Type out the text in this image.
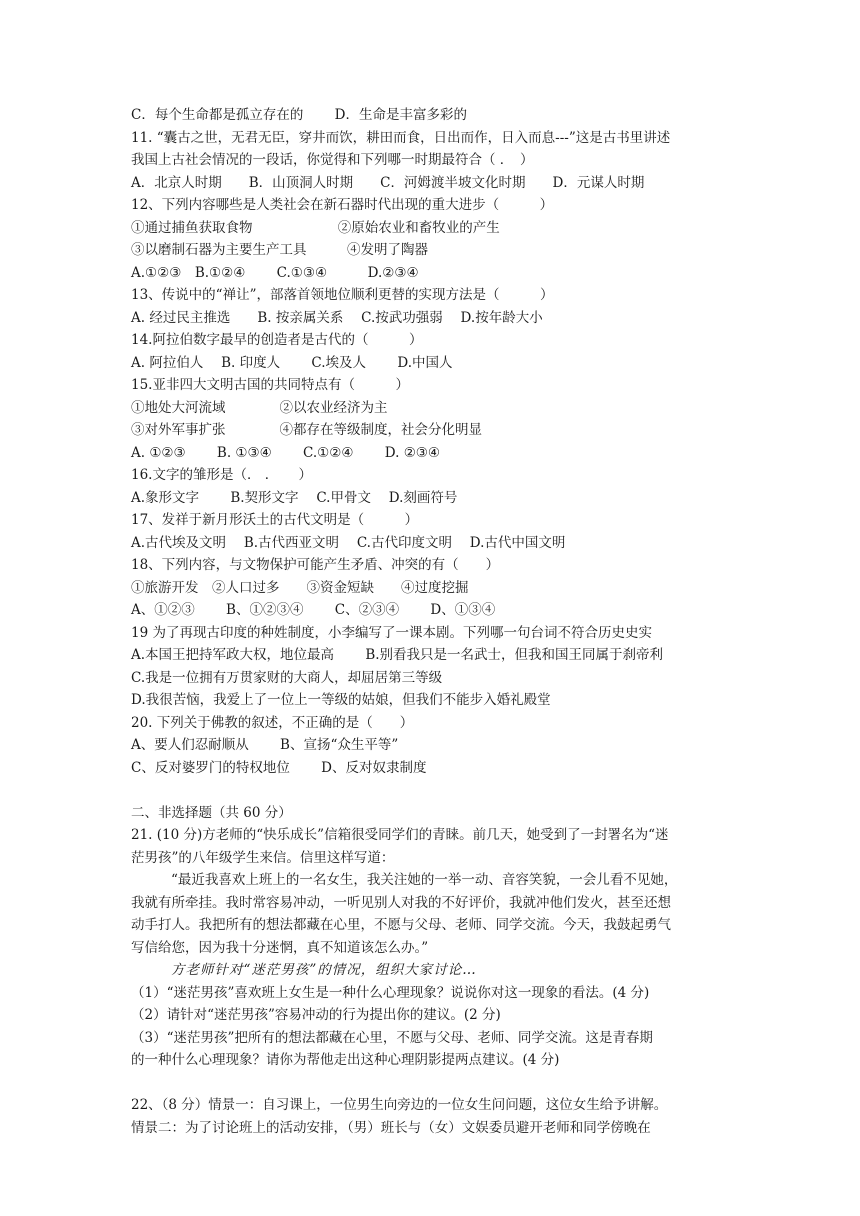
C．每个生命都是孤立存在的　　 D．生命是丰富多彩的
11. “囊古之世，无君无臣，穿井而饮，耕田而食，日出而作，日入而息---”这是古书里讲述
我国上古社会情况的一段话，你觉得和下列哪一时期最符合（ ．　）
A．北京人时期　　B．山顶洞人时期　　C．河姆渡半坡文化时期　　D．元谋人时期
12、下列内容哪些是人类社会在新石器时代出现的重大进步（　　　）
①通过捕鱼获取食物　　　　　　 ②原始农业和畜牧业的产生
③以磨制石器为主要生产工具　　　④发明了陶器
A.①②③　B.①②④　　 C.①③④　　　D.②③④
13、传说中的“禅让”，部落首领地位顺利更替的实现方法是（　　　）
A. 经过民主推选　　B. 按亲属关系　 C.按武功强弱　 D.按年龄大小
14.阿拉伯数字最早的创造者是古代的（　　　）
A. 阿拉伯人　 B. 印度人　　 C.埃及人　　 D.中国人
15.亚非四大文明古国的共同特点有（　　　）
①地处大河流域　　　　②以农业经济为主
③对外军事扩张　　　　④都存在等级制度，社会分化明显
A. ①②③　　 B. ①③④　　 C.①②④　　 D. ②③④
16.文字的雏形是（． ．　　）
A.象形文字　　 B.契形文字　 C.甲骨文　 D.刻画符号
17、发祥于新月形沃土的古代文明是（　　　）
A.古代埃及文明　 B.古代西亚文明　 C.古代印度文明　 D.古代中国文明
18、下列内容，与文物保护可能产生矛盾、冲突的有（　　）
①旅游开发　②人口过多　　③资金短缺　　④过度挖掘
A、①②③　　 B、①②③④　　 C、②③④　　 D、①③④
19 为了再现古印度的种姓制度，小李编写了一课本剧。下列哪一句台词不符合历史史实
A.本国王把持军政大权，地位最高　　 B.别看我只是一名武士，但我和国王同属于刹帝利
C.我是一位拥有万贯家财的大商人，却屈居第三等级
D.我很苦恼，我爱上了一位上一等级的姑娘，但我们不能步入婚礼殿堂
20. 下列关于佛教的叙述，不正确的是（　　）
A、要人们忍耐顺从　　 B、宣扬“众生平等”
C、反对婆罗门的特权地位　　 D、反对奴隶制度
二、非选择题（共 60 分）
21. (10 分)方老师的“快乐成长”信箱很受同学们的青睐。前几天，她受到了一封署名为“迷
茫男孩”的八年级学生来信。信里这样写道：
“最近我喜欢上班上的一名女生，我关注她的一举一动、音容笑貌，一会儿看不见她，
我就有所牵挂。我时常容易冲动，一听见别人对我的不好评价，我就冲他们发火，甚至还想
动手打人。我把所有的想法都藏在心里，不愿与父母、老师、同学交流。今天，我鼓起勇气
写信给您，因为我十分迷惘，真不知道该怎么办。”
方老师针对“迷茫男孩”的情况，组织大家讨论…
（1）“迷茫男孩”喜欢班上女生是一种什么心理现象？说说你对这一现象的看法。(4 分)
（2）请针对“迷茫男孩”容易冲动的行为提出你的建议。(2 分)
（3）“迷茫男孩”把所有的想法都藏在心里，不愿与父母、老师、同学交流。这是青春期
的一种什么心理现象？请你为帮他走出这种心理阴影提两点建议。(4 分)
22、（8 分）情景一：自习课上，一位男生向旁边的一位女生问问题，这位女生给予讲解。
情景二：为了讨论班上的活动安排，（男）班长与（女）文娱委员避开老师和同学傍晚在
